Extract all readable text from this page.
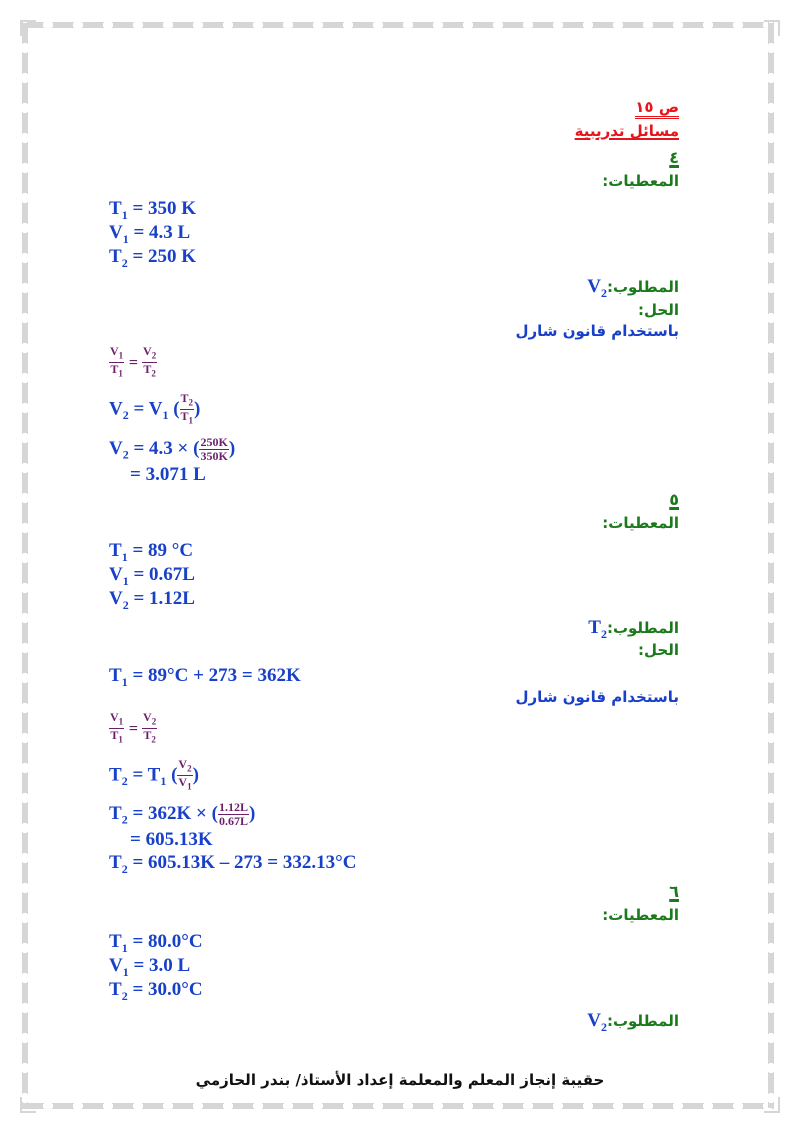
ص ١٥
مسائل تدريبية
٤
المعطيات:
$T_1 = 350$ K
$V_1 = 4.3$ L
$T_2 = 250$ K
$المطلوب:V_2$
الحل:
باستخدام قانون شارل
$\frac{V_1}{T_1} = \frac{V_2}{T_2}$
$V_2 = V_1$ ( $\frac{T_2}{T_1}$ )
$V_2 = 4.3$ × ( $\frac{250K}{350K}$ )
= 3.071 L
٥
المعطيات:
$T_1 = 89$ °C
$V_1 = 0.67L$
$V_2 = 1.12L$
$المطلوب:T_2$
الحل:
$T_1 = 89^\circ C + 273 = 362K$
باستخدام قانون شارل
$\frac{V_1}{T_1} = \frac{V_2}{T_2}$
$T_2 = T_1$ ( $\frac{V_2}{V_1}$ )
$T_2 = 362K$ × ( $\frac{1.12L}{0.67L}$ )
= 605.13K
$T_2 = 605.13K - 273 = 332.13^\circ C$
٦
المعطيات:
$T_1 = 80.0^\circ C$
$V_1 = 3.0$ L
$T_2 = 30.0^\circ C$
$المطلوب:V_2$
حقيبة إنجاز المعلم والمعلمة إعداد الأستاذ/ بندر الحازمي
